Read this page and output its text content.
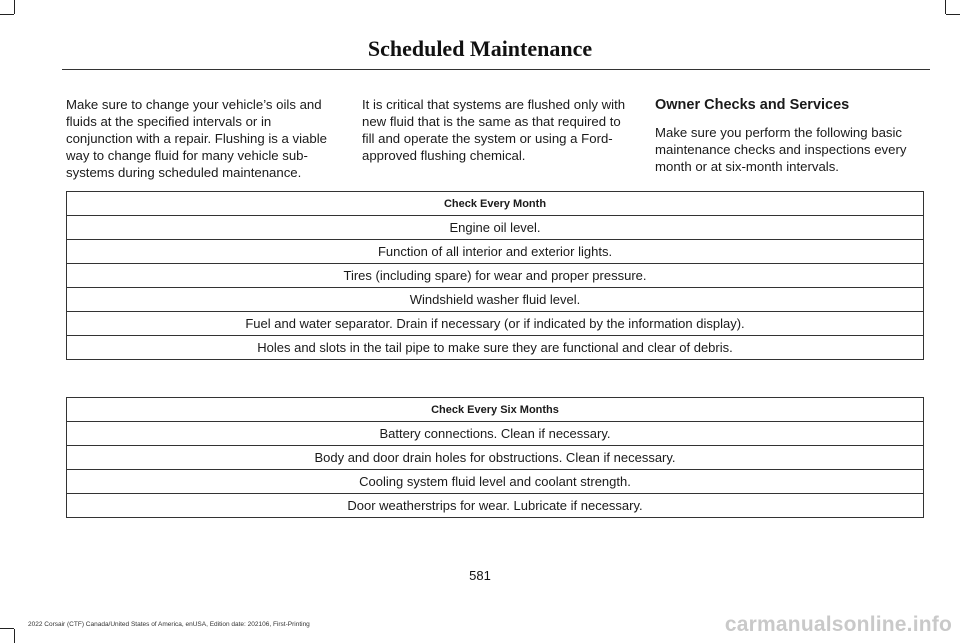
Scheduled Maintenance

Make sure to change your vehicle’s oils and fluids at the specified intervals or in conjunction with a repair. Flushing is a viable way to change fluid for many vehicle sub-systems during scheduled maintenance.

It is critical that systems are flushed only with new fluid that is the same as that required to fill and operate the system or using a Ford-approved flushing chemical.

Owner Checks and Services

Make sure you perform the following basic maintenance checks and inspections every month or at six-month intervals.

Check Every Month
Engine oil level.
Function of all interior and exterior lights.
Tires (including spare) for wear and proper pressure.
Windshield washer fluid level.
Fuel and water separator. Drain if necessary (or if indicated by the information display).
Holes and slots in the tail pipe to make sure they are functional and clear of debris.
Check Every Six Months
Battery connections. Clean if necessary.
Body and door drain holes for obstructions. Clean if necessary.
Cooling system fluid level and coolant strength.
Door weatherstrips for wear. Lubricate if necessary.
581
2022 Corsair (CTF) Canada/United States of America, enUSA, Edition date: 202106, First-Printing	carmanualsonline.info
